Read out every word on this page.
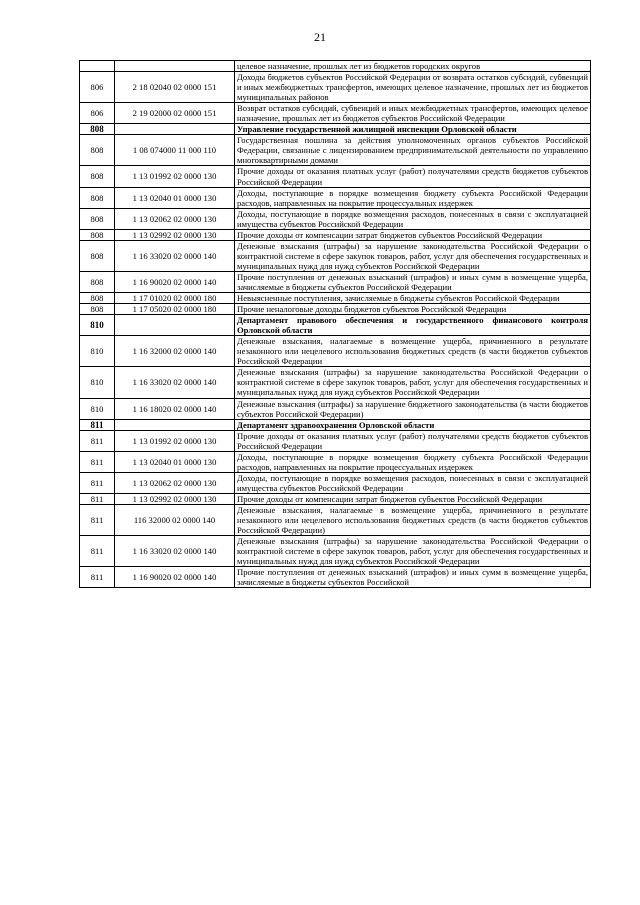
21
		целевое назначение, прошлых лет из бюджетов городских округов
806	2 18 02040 02 0000 151	Доходы бюджетов субъектов Российской Федерации от возврата остатков субсидий, субвенций и иных межбюджетных трансфертов, имеющих целевое назначение, прошлых лет из бюджетов муниципальных районов
806	2 19 02000 02 0000 151	Возврат остатков субсидий, субвенций и иных межбюджетных трансфертов, имеющих целевое назначение, прошлых лет из бюджетов субъектов Российской Федерации
808		Управление государственной жилищной инспекции Орловской области
808	1 08 074000 11 000 110	Государственная пошлина за действия уполномоченных органов субъектов Российской Федерации, связанные с лицензированием предпринимательской деятельности по управлению многоквартирными домами
808	1 13 01992 02 0000 130	Прочие доходы от оказания платных услуг (работ) получателями средств бюджетов субъектов Российской Федерации
808	1 13 02040 01 0000 130	Доходы, поступающие в порядке возмещения бюджету субъекта Российской Федерации расходов, направленных на покрытие процессуальных издержек
808	1 13 02062 02 0000 130	Доходы, поступающие в порядке возмещения расходов, понесенных в связи с эксплуатацией имущества субъектов Российской Федерации
808	1 13 02992 02 0000 130	Прочие доходы от компенсации затрат бюджетов субъектов Российской Федерации
808	1 16 33020 02 0000 140	Денежные взыскания (штрафы) за нарушение законодательства Российской Федерации о контрактной системе в сфере закупок товаров, работ, услуг для обеспечения государственных и муниципальных нужд для нужд субъектов Российской Федерации
808	1 16 90020 02 0000 140	Прочие поступления от денежных взысканий (штрафов) и иных сумм в возмещение ущерба, зачисляемые в бюджеты субъектов Российской Федерации
808	1 17 01020 02 0000 180	Невыясненные поступления, зачисляемые в бюджеты субъектов Российской Федерации
808	1 17 05020 02 0000 180	Прочие неналоговые доходы бюджетов субъектов Российской Федерации
810		Департамент правового обеспечения и государственного финансового контроля Орловской области
810	1 16 32000 02 0000 140	Денежные взыскания, налагаемые в возмещение ущерба, причиненного в результате незаконного или нецелевого использования бюджетных средств (в части бюджетов субъектов Российской Федерации
810	1 16 33020 02 0000 140	Денежные взыскания (штрафы) за нарушение законодательства Российской Федерации о контрактной системе в сфере закупок товаров, работ, услуг для обеспечения государственных и муниципальных нужд для нужд субъектов Российской Федерации
810	1 16 18020 02 0000 140	Денежные взыскания (штрафы) за нарушение бюджетного законодательства (в части бюджетов субъектов Российской Федерации)
811		Департамент здравоохранения Орловской области
811	1 13 01992 02 0000 130	Прочие доходы от оказания платных услуг (работ) получателями средств бюджетов субъектов Российской Федерации
811	1 13 02040 01 0000 130	Доходы, поступающие в порядке возмещения бюджету субъекта Российской Федерации расходов, направленных на покрытие процессуальных издержек
811	1 13 02062 02 0000 130	Доходы, поступающие в порядке возмещения расходов, понесенных в связи с эксплуатацией имущества субъектов Российской Федерации
811	1 13 02992 02 0000 130	Прочие доходы от компенсации затрат бюджетов субъектов Российской Федерации
811	116 32000 02 0000 140	Денежные взыскания, налагаемые в возмещение ущерба, причиненного в результате незаконного или нецелевого использования бюджетных средств (в части бюджетов субъектов Российской Федерации)
811	1 16 33020 02 0000 140	Денежные взыскания (штрафы) за нарушение законодательства Российской Федерации о контрактной системе в сфере закупок товаров, работ, услуг для обеспечения государственных и муниципальных нужд для нужд субъектов Российской Федерации
811	1 16 90020 02 0000 140	Прочие поступления от денежных взысканий (штрафов) и иных сумм в возмещение ущерба, зачисляемые в бюджеты субъектов Российской
